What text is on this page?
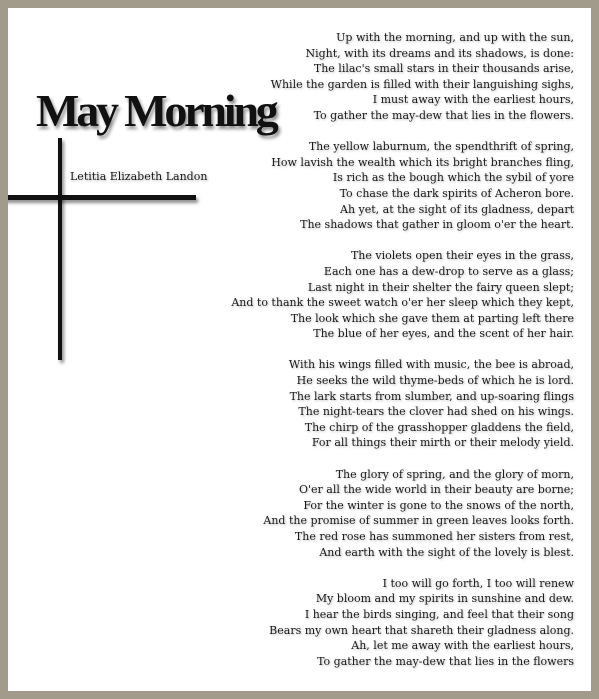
May Morning
Letitia Elizabeth Landon
Up with the morning, and up with the sun,
Night, with its dreams and its shadows, is done:
The lilac's small stars in their thousands arise,
While the garden is filled with their languishing sighs,
I must away with the earliest hours,
To gather the may-dew that lies in the flowers.
The yellow laburnum, the spendthrift of spring,
How lavish the wealth which its bright branches fling,
Is rich as the bough which the sybil of yore
To chase the dark spirits of Acheron bore.
Ah yet, at the sight of its gladness, depart
The shadows that gather in gloom o'er the heart.
The violets open their eyes in the grass,
Each one has a dew-drop to serve as a glass;
Last night in their shelter the fairy queen slept;
And to thank the sweet watch o'er her sleep which they kept,
The look which she gave them at parting left there
The blue of her eyes, and the scent of her hair.
With his wings filled with music, the bee is abroad,
He seeks the wild thyme-beds of which he is lord.
The lark starts from slumber, and up-soaring flings
The night-tears the clover had shed on his wings.
The chirp of the grasshopper gladdens the field,
For all things their mirth or their melody yield.
The glory of spring, and the glory of morn,
O'er all the wide world in their beauty are borne;
For the winter is gone to the snows of the north,
And the promise of summer in green leaves looks forth.
The red rose has summoned her sisters from rest,
And earth with the sight of the lovely is blest.
I too will go forth, I too will renew
My bloom and my spirits in sunshine and dew.
I hear the birds singing, and feel that their song
Bears my own heart that shareth their gladness along.
Ah, let me away with the earliest hours,
To gather the may-dew that lies in the flowers
